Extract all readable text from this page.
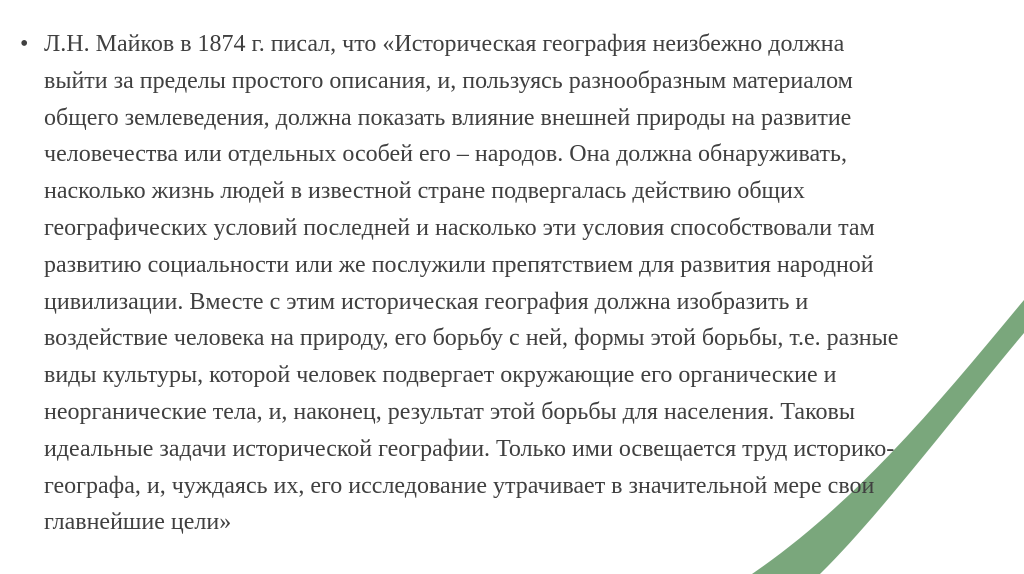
• Л.Н. Майков в 1874 г. писал, что «Историческая география неизбежно должна
выйти за пределы простого описания, и, пользуясь разнообразным материалом
общего землеведения, должна показать влияние внешней природы на развитие
человечества или отдельных особей его – народов. Она должна обнаруживать,
насколько жизнь людей в известной стране подвергалась действию общих
географических условий последней и насколько эти условия способствовали там
развитию социальности или же послужили препятствием для развития народной
цивилизации. Вместе с этим историческая география должна изобразить и
воздействие человека на природу, его борьбу с ней, формы этой борьбы, т.е. разные
виды культуры, которой человек подвергает окружающие его органические и
неорганические тела, и, наконец, результат этой борьбы для населения. Таковы
идеальные задачи исторической географии. Только ими освещается труд историко-
географа, и, чуждаясь их, его исследование утрачивает в значительной мере свои
главнейшие цели»
